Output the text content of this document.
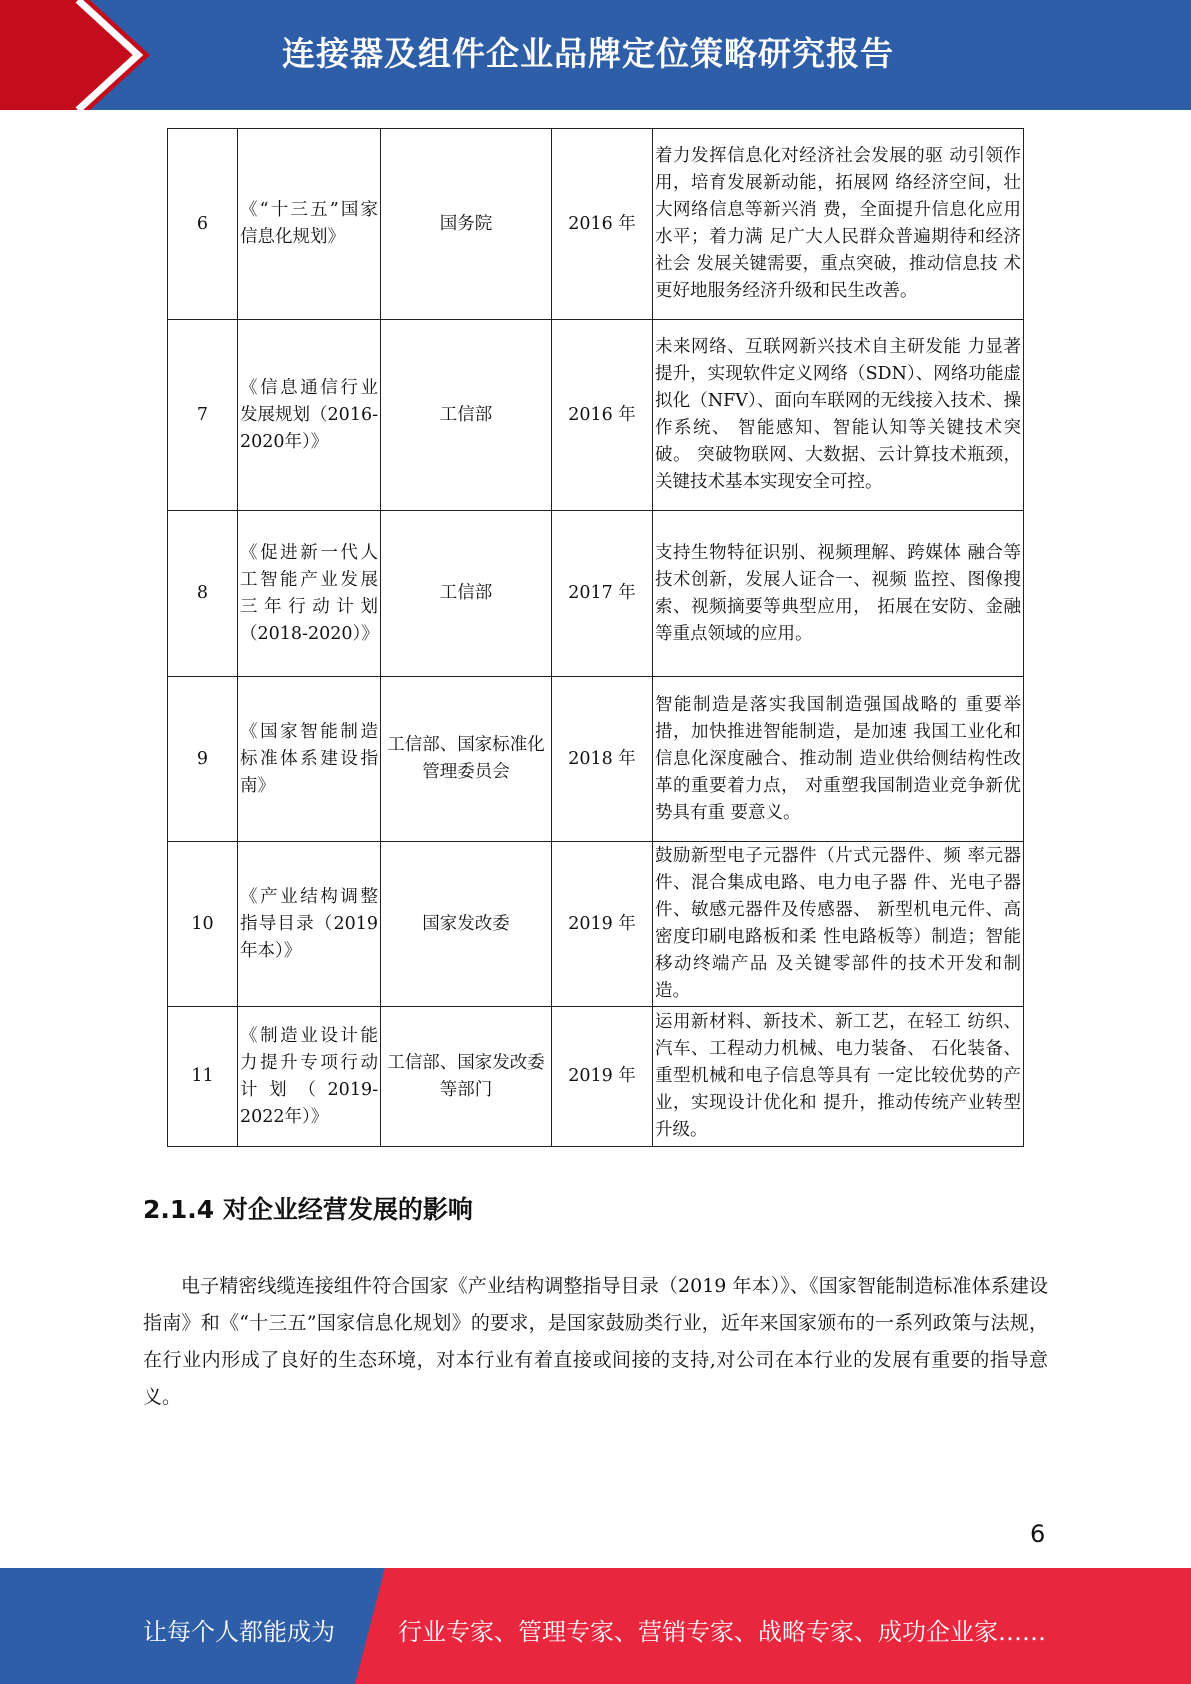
连接器及组件企业品牌定位策略研究报告
6	《“十三五”国家信息化规划》	国务院	2016 年	着力发挥信息化对经济社会发展的驱 动引领作用，培育发展新动能，拓展网 络经济空间，壮大网络信息等新兴消 费，全面提升信息化应用水平；着力满 足广大人民群众普遍期待和经济社会 发展关键需要，重点突破，推动信息技 术更好地服务经济升级和民生改善。
7	《信息通信行业发展规划（2016-2020年）》	工信部	2016 年	未来网络、互联网新兴技术自主研发能 力显著提升，实现软件定义网络（SDN）、网络功能虚拟化（NFV）、面向车联网的无线接入技术、操作系统、 智能感知、智能认知等关键技术突破。 突破物联网、大数据、云计算技术瓶颈， 关键技术基本实现安全可控。
8	《促进新一代人工智能产业发展三年行动计划（2018-2020）》	工信部	2017 年	支持生物特征识别、视频理解、跨媒体 融合等技术创新，发展人证合一、视频 监控、图像搜索、视频摘要等典型应用， 拓展在安防、金融等重点领域的应用。
9	《国家智能制造标准体系建设指南》	工信部、国家标准化管理委员会	2018 年	智能制造是落实我国制造强国战略的 重要举措，加快推进智能制造，是加速 我国工业化和信息化深度融合、推动制 造业供给侧结构性改革的重要着力点， 对重塑我国制造业竞争新优势具有重 要意义。
10	《产业结构调整指导目录（2019 年本）》	国家发改委	2019 年	鼓励新型电子元器件（片式元器件、频 率元器件、混合集成电路、电力电子器 件、光电子器件、敏感元器件及传感器、 新型机电元件、高密度印刷电路板和柔 性电路板等）制造；智能移动终端产品 及关键零部件的技术开发和制造。
11	《制造业设计能力提升专项行动计划（2019-2022年）》	工信部、国家发改委等部门	2019 年	运用新材料、新技术、新工艺，在轻工 纺织、汽车、工程动力机械、电力装备、 石化装备、重型机械和电子信息等具有 一定比较优势的产业，实现设计优化和 提升，推动传统产业转型升级。
2.1.4 对企业经营发展的影响
电子精密线缆连接组件符合国家《产业结构调整指导目录（2019 年本）》、《国家智能制造标准体系建设指南》和《“十三五”国家信息化规划》的要求，是国家鼓励类行业，近年来国家颁布的一系列政策与法规，在行业内形成了良好的生态环境，对本行业有着直接或间接的支持,对公司在本行业的发展有重要的指导意义。
6
让每个人都能成为	行业专家、管理专家、营销专家、战略专家、成功企业家……
